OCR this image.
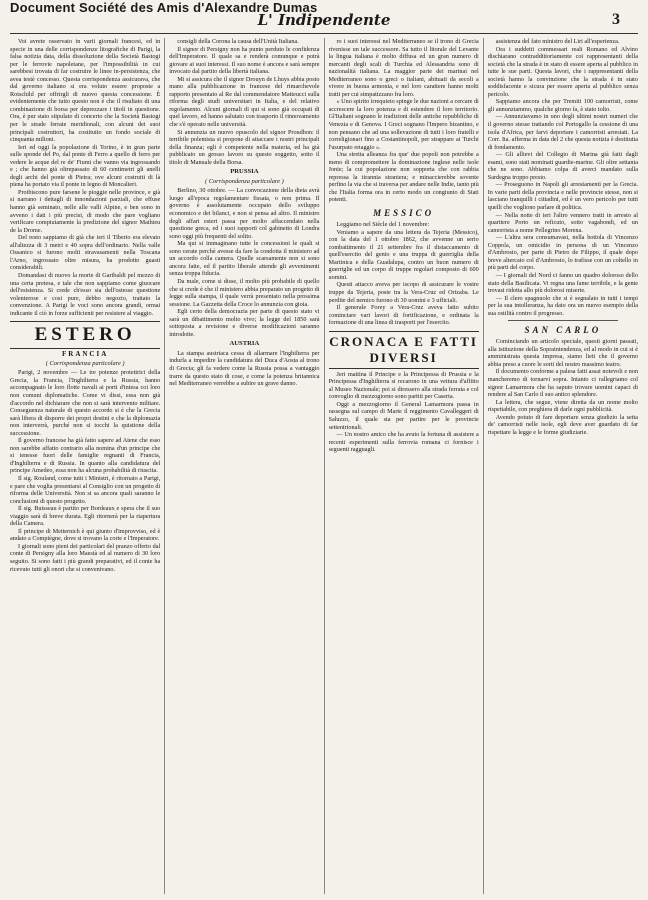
Document Société des Amis d'Alexandre Dumas
L' Indipendente	3

Voi avrete osservato in varii giornali francesi, ed in specie in una delle corrispondenze litografiche di Parigi, la falsa notizia data, della dissoluzione della Società Bastogi per le ferrovie napoletane, per l'impossibilità in cui sarebbesi trovata di far costruire le linee in-persistenza, che avea testè concesso. Questa corrispondenza assicurava, che dal governo italiano si era voluto essere proposte a Rotschild per offrirgli di nuovo questa concessione. È evidentemente che tutto questo non è che il risultato di una combinazione di borsa per deprezzare i titoli in questione. Ora, è pur stato stipulato di concerto che la Società Bastogi per le strade ferrate meridionali, con alcuni dei suoi principali costruttori, ha costituito un fondo sociale di cinquanta milioni.

Ieri ed oggi la popolazione di Torino, è in gran parte sulle sponde del Po, dal ponte di Ferro a quello di ferro per vedere le acque del re de' Fiumi che vanno via ingrossando e ; che hanno già oltrepassato di 60 centimetri gli anelli degli archi del ponte di Pietra; ove alcuni costrutti di là piena ha portato via il ponte in legno di Moncalieri.

Proibiscono pure farsene le pioggie nelle province, e già si narrano i dettagli di innondazioni parziali, che effuse hanno già seminato, nelle alle valli Alpine, e ben sono in avveno i dati i più precisi, di modo che pare vogliano verificare compiutamente la predizione del signor Mathieu de la Drome.

Del resto sappiamo di già che ieri il Tiberio era elevato all'altezza di 3 metri e 40 sopra dell'ordinario. Nella valle Ossanico si furono molti stravasamenti nella Toscana l'Arno, ingrossato oltre misura, ha prodotto guasti considerabili.

Domandasi di nuovo la morte di Garibaldi pel mezzo di una certa pretesa, e tale che non sappiamo come giuocare dell'esistenza. Si crede ch'esso sia dell'ostesse questione volenterose e cosi pure, debbo negozio, trattato la convenzione. A Parigi le voci sono ancora grandi, ormai indicante il ciò in forze sufficienti per resistere al viaggio.

ESTERO
FRANCIA
( Corrispondenza particolare )

Parigi, 2 novembre — Le tre potenze protettrici della Grecia, la Francia, l'Inghilterra e la Russia, hanno accompagnato le loro flotte navali ai porti d'intesa coi loro non comuni diplomatiche. Come vi dissi, essa non già d'accordo nel dichiarare che non si sarà intervento militare. Conseguenza naturale di questo accordo si è che la Grecia sarà libera di disporre dei propri destini e che la diplomazia non interverrà, purché non si tocchi la quistione della successione.

Il governo francese ha già fatto sapere ad Atene che esso non sarebbe affatto contrario alla nomina d'un principe che si tenesse fuori delle famiglie regnanti di Francia, d'Inghilterra e di Russia. In quanto alla candidatura del principe Amedeo, essa non ha alcuna probabilità di riuscita.

Il sig. Rouland, come tutti i Ministri, è ritornato a Parigi, e pare che voglia presentarsi al Consiglio con un progetto di riforma delle Università. Non si sa ancora quali saranno le conclusioni di questo progetto.

Il sig. Buisseau è partito per Bordeaux e spera che il suo viaggio sarà di breve durata. Egli ritornerà per la riapertura della Camera.

Il principe di Metternich è qui giunto d'improvviso, ed è andato a Compiègne, dove si trovano la corte e l'Imperatore.

I giornali sono pieni dei particolari del pranzo offerto dal conte di Persigny alla loro Maestà ed al numero di 30 loro seguito. Si sono fatti i più grandi preparativi, ed il conte ha ricevuto tutti gli onori che si convenivano.

consigli della Corona la causa dell'Unità Italiana.

Il signor di Persigny non ha punto perduto le confidenza dell'Imperatore. Il quale sa e renderà comunque e potrà giovare ai suoi interessi. Il suo nome è ancora e sarà sempre invocato dal partito della libertà italiana.

Mi si assicura che il signor Drouyn de Lhuys abbia posto mano alla pubblicazione in francese del rimarchevole rapporto presentato al Re dal commendatore Matteucci sulla riforma degli studi universitari in Italia, e del relativo regolamento. Alcuni giornali di qui si sono già occupati di quel lavoro, ed hanno salutato con trasporto il rinnovamento che s'è operato nelle università.

Si annunzia un nuovo opuscolo del signor Proudhon: il terribile polemista si propone di attaccare i nostri principali della finanza; egli è competente nella materia, ed ha già pubblicato un grosso lavoro su questo soggetto, sotto il titolo di Manuale della Borsa.

PRUSSIA
( Corrispondenza particolare )

Berlino, 30 ottobre. — La convocazione della dieta avrà luogo all'epoca regolamentare fissata, o non prima. Il governo è assolutamente occupato dello sviluppo economico e dei bilanci, e non si pensa ad altro. Il ministro degli affari esteri passa per molto affaccendato nella questione greca, ed i suoi rapporti col gabinetto di Londra sono oggi più frequenti del solito.

Ma qui si immaginano tutte le concessioni le quali si sono cerate perchè avesse da fare la condotta il ministero ad un accordo colla camera. Quelle scarsamente non si sono ancora fatte, ed il partito liberale attende gli avvenimenti senza troppa fiducia.

Da male, come si disse, il molto più probabile di quello che si crede è che il ministero abbia preparato un progetto di legge sulla stampa, il quale verrà presentato nella prossima sessione. La Gazzetta della Croce lo annunzia con gioia.

Egli certo della democrazia per parte di questo stato vi sarà un dibattimento molto vivo; la legge del 1850 sarà sottoposta a revisione e diverse modificazioni saranno introdotte.

AUSTRIA

La stampa austriaca cessa di allarmare l'Inghilterra per indurla a impedire la candidatura del Duca d'Aosta al trono di Grecia; gli fa vedere come la Russia possa a vantaggio trarre da questo stato di cose, e come la potenza britannica nel Mediterraneo verrebbe a subire un grave danno.

ro i suoi interessi nel Mediterraneo se il trono di Grecia rivenisse un tale successore. Sa tutto il litorale del Levante la lingua italiana è molto diffusa ed un gran numero di mercanti degli scali di Turchia ed Alessandria sono di nazionalità italiana. La maggior parte dei marinai nel Mediterraneo sono o greci o italiani, abituati da secoli a vivere in buona armonia, e nel loro carattere hanno molti tratti per cui simpatizzano fra loro.

« Uno spirito irrequieto spinge le due nazioni a cercare di accrescere la loro potenza e di estendere il loro territorio. Gl'Italiani sognano le tradizioni delle antiche repubbliche di Venezia e di Genova. I Greci sognano l'Impero bizantino, e non pensano che ad una sollevazione di tutti i loro fratelli e correligionari fino a Costantinopoli, per strappare ai Turchi l'usurpato retaggio ».

Una stretta alleanza fra que' due popoli non potrebbe a meno di compromettere la dominazione inglese nelle isole Jonie; la cui popolazione non sopporta che con rabbia repressa la tirannia straniera; e minaccierebbe sovente perfino la via che si traversa per andare nelle Indie, tanto più che l'Italia forma ora in certo modo un congiunto di Stati potenti.

MESSICO

Leggiamo nel Siècle del 1 novembre:

Veniamo a sapere da una lettera da Tejeria (Messico), con la data del 1 ottobre 1862, che avvenne un serio combattimento il 21 settembre fra il distaccamento di quell'esercito del genio e una truppa di guerriglia della Martinica e della Guadalupa, contro un buon numero di guerriglie ed un corpo di truppe regolari composto di 600 uomini.

Questi attacco aveva per iscopo di assicurare le vostre truppe da Tejeria, poste tra la Vera-Cruz ed Orizaba. Le perdite del nemico furono di 30 uomini e 3 ufficiali.

Il generale Forey a Vera-Cruz aveva fatto subito cominciare vari lavori di fortificazione, e ordinata la formazione di una linea di trasporti per l'esercito.

CRONACA E FATTI DIVERSI

Jeri mattina il Principe e la Principessa di Prussia e la Principessa d'Inghilterra si recarono in una vettura d'affitto al Museo Nazionale; poi si diressero alla strada ferrata e col convoglio di mezzogiorno sono partiti per Caserta.

Oggi a mezzogiorno il General Lamarmora passa in rassegna sul campo di Marte il reggimento Cavalleggeri di Saluzzo, il quale sta per partire per le provincie settentrionali.

— Un nostro amico che ha avuto la fortuna di assistere a recenti esperimenti sulla ferrovia romana ci fornisce i seguenti ragguagli.

assistenza del fato ministro del Liri all'esperienza.

Ora i suddetti commessari reali Romano ed Alvino dischiarano contraddittoriamente coi rappresentanti della società che la strada è in stato di essere aperta al pubblico in tutte le sue parti. Questa lavori, che i rappresentanti della società hanno la convinzione che la strada è in stato soddisfacente e sicura per essere aperta al pubblico senza pericolo.

Sappiamo ancora che per Tremiti 100 camorristi, come gli annunziammo, qualche giorno fa, è stato tolto.

— Annunziavamo in uno degli ultimi nostri numeri che il governo stesse trattando col Portogallo la cessione di una isola d'Africa, per farvi deportare i camorristi arrestati. La Corr. Ita. afferma in data del 2 che questa notizia è destituita di fondamento.

— Gli allievi del Collegio di Marina già fatti dagli esami, sono stati nominati guardie-marine. Gli oltre settanta che ne sono. Abbiamo colpa di averci mandato sulla Sardegna troppo presto.

— Proseguono in Napoli gli arrestamenti per la Grecia. In varie parti della provincia e nelle provincie stesse, non si lasciano tranquilli i cittadini, ed è un vero pericolo per tutti quelli che vogliono parlare di politica.

— Nella notte di ieri l'altro vennero tratti in arresto al quartiere Porto un reficuto, sotto vagabondi, ed un camorrista a nome Pellegrino Morena.

— L'altra sera consumavasi, nella bottola di Vincenzo Coppola, un omicidio in persona di un Vincenzo d'Ambrosio, per parte di Pietro de Filippo, il quale dopo breve altercato col d'Ambrosio, lo trafisse con un coltello in più parti del corpo.

— I giornali del Nord ci fanno un quadro doloroso dello stato della Basilicata. Vi regna una fame terribile, e la gente trovasi ridotta allo più dolorosi miserie.

— Il clero spagnuolo che si è segnalato in tutti i tempi per la sua intolleranza, ha dato ora un nuovo esempio della sua ostilità contro il progresso.

SAN CARLO

Cominciando un articolo speciale, questi giorni passati, alla istituzione della Sopraintendenza, ed al modo in cui si è amministrata questa impresa, siamo lieti che il governo abbia preso a cuore le sorti del nostro massimo teatro.

Il documento conforme a palesa fatti assai notevoli e non mancheremo di tornarvi sopra. Intanto ci rallegriamo col signor Lamarmora che ha saputo trovare uomini capaci di rendere al San Carlo il suo antico splendore.

La lettera, che segue, viene diretta da un nome molto rispettabile, con preghiera di darle ogni pubblicità.

Avendo potuto di fare deportare senza giudizio la setta de' camorristi nelle isole, egli deve aver guardato di far rispettare la legge e le forme giudiziarie.
